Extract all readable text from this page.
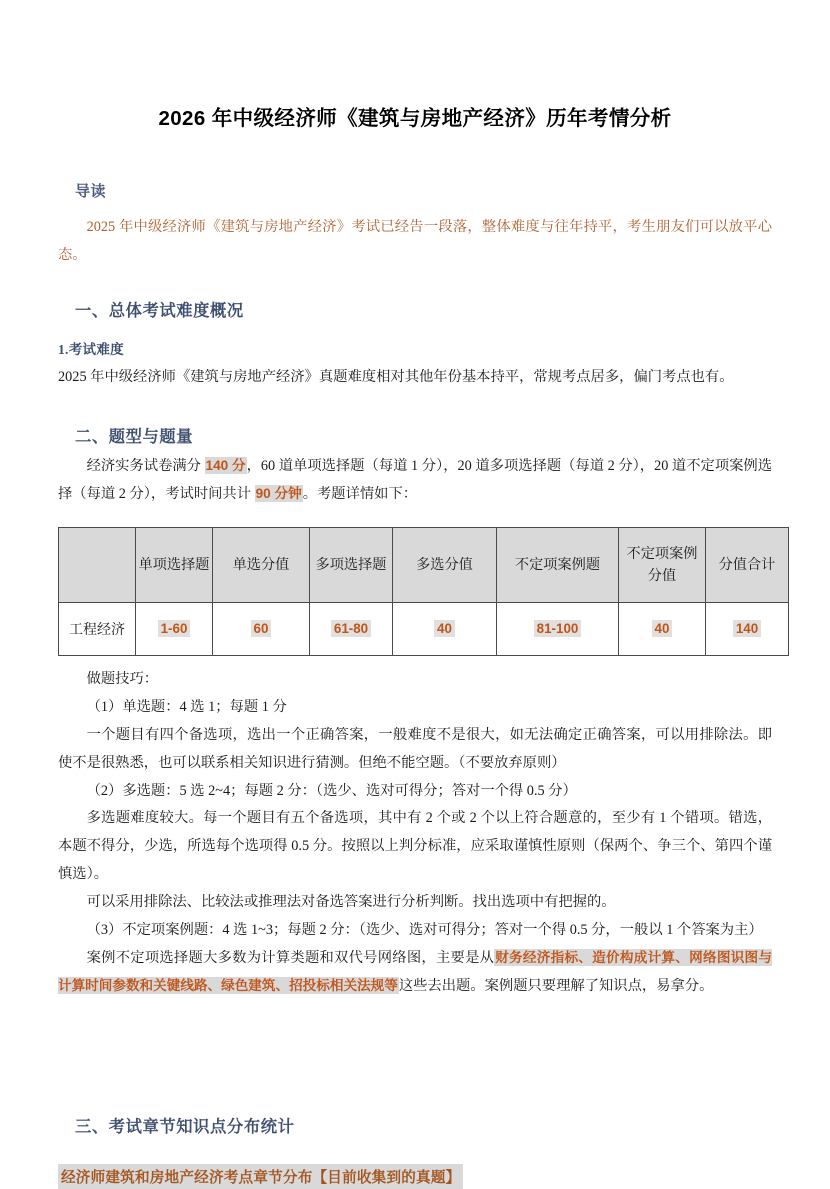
2026 年中级经济师《建筑与房地产经济》历年考情分析
导读

2025 年中级经济师《建筑与房地产经济》考试已经告一段落，整体难度与往年持平，考生朋友们可以放平心态。

一、总体考试难度概况
1.考试难度

2025 年中级经济师《建筑与房地产经济》真题难度相对其他年份基本持平，常规考点居多，偏门考点也有。

二、题型与题量

经济实务试卷满分 140 分，60 道单项选择题（每道 1 分），20 道多项选择题（每道 2 分），20 道不定项案例选择（每道 2 分），考试时间共计 90 分钟。考题详情如下：

	单项选择题	单选分值	多项选择题	多选分值	不定项案例题	不定项案例分值	分值合计
工程经济	1-60	60	61-80	40	81-100	40	140

做题技巧：

（1）单选题：4 选 1；每题 1 分

一个题目有四个备选项，选出一个正确答案，一般难度不是很大，如无法确定正确答案，可以用排除法。即使不是很熟悉，也可以联系相关知识进行猜测。但绝不能空题。（不要放弃原则）

（2）多选题：5 选 2~4；每题 2 分：（选少、选对可得分；答对一个得 0.5 分）

多选题难度较大。每一个题目有五个备选项，其中有 2 个或 2 个以上符合题意的，至少有 1 个错项。错选，本题不得分，少选，所选每个选项得 0.5 分。按照以上判分标准，应采取谨慎性原则（保两个、争三个、第四个谨慎选）。

可以采用排除法、比较法或推理法对备选答案进行分析判断。找出选项中有把握的。

（3）不定项案例题：4 选 1~3；每题 2 分：（选少、选对可得分；答对一个得 0.5 分，一般以 1 个答案为主）

案例不定项选择题大多数为计算类题和双代号网络图，主要是从财务经济指标、造价构成计算、网络图识图与计算时间参数和关键线路、绿色建筑、招投标相关法规等这些去出题。案例题只要理解了知识点，易拿分。

三、考试章节知识点分布统计
经济师建筑和房地产经济考点章节分布【目前收集到的真题】
